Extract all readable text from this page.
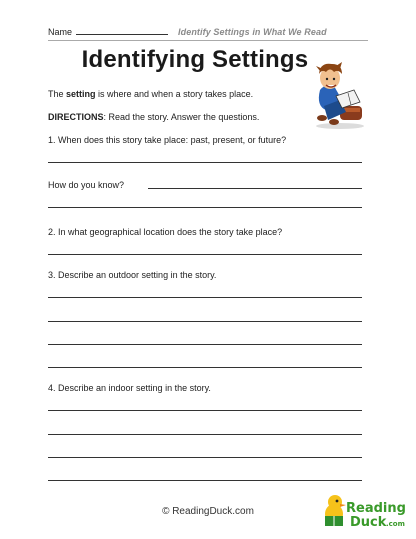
Name	Identify Settings in What We Read
Identifying Settings
The setting is where and when a story takes place.
DIRECTIONS: Read the story. Answer the questions.
1. When does this story take place: past, present, or future?
How do you know?
2. In what geographical location does the story take place?
3. Describe an outdoor setting in the story.
4. Describe an indoor setting in the story.
© ReadingDuck.com	Reading
Duck .com
